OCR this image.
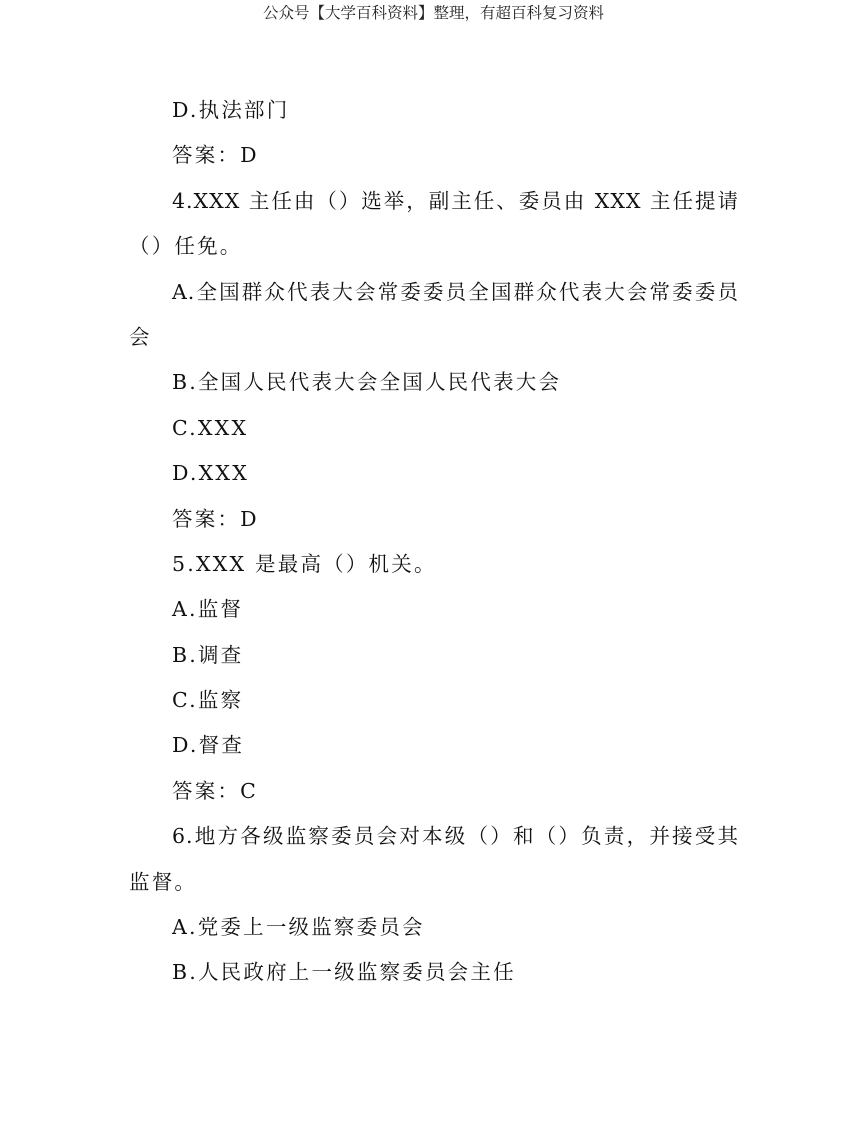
公众号【大学百科资料】整理，有超百科复习资料
D.执法部门
答案：D
4.XXX 主任由（）选举，副主任、委员由 XXX 主任提请
（）任免。
A.全国群众代表大会常委委员全国群众代表大会常委委员
会
B.全国人民代表大会全国人民代表大会
C.XXX
D.XXX
答案：D
5.XXX 是最高（）机关。
A.监督
B.调查
C.监察
D.督查
答案：C
6.地方各级监察委员会对本级（）和（）负责，并接受其
监督。
A.党委上一级监察委员会
B.人民政府上一级监察委员会主任
